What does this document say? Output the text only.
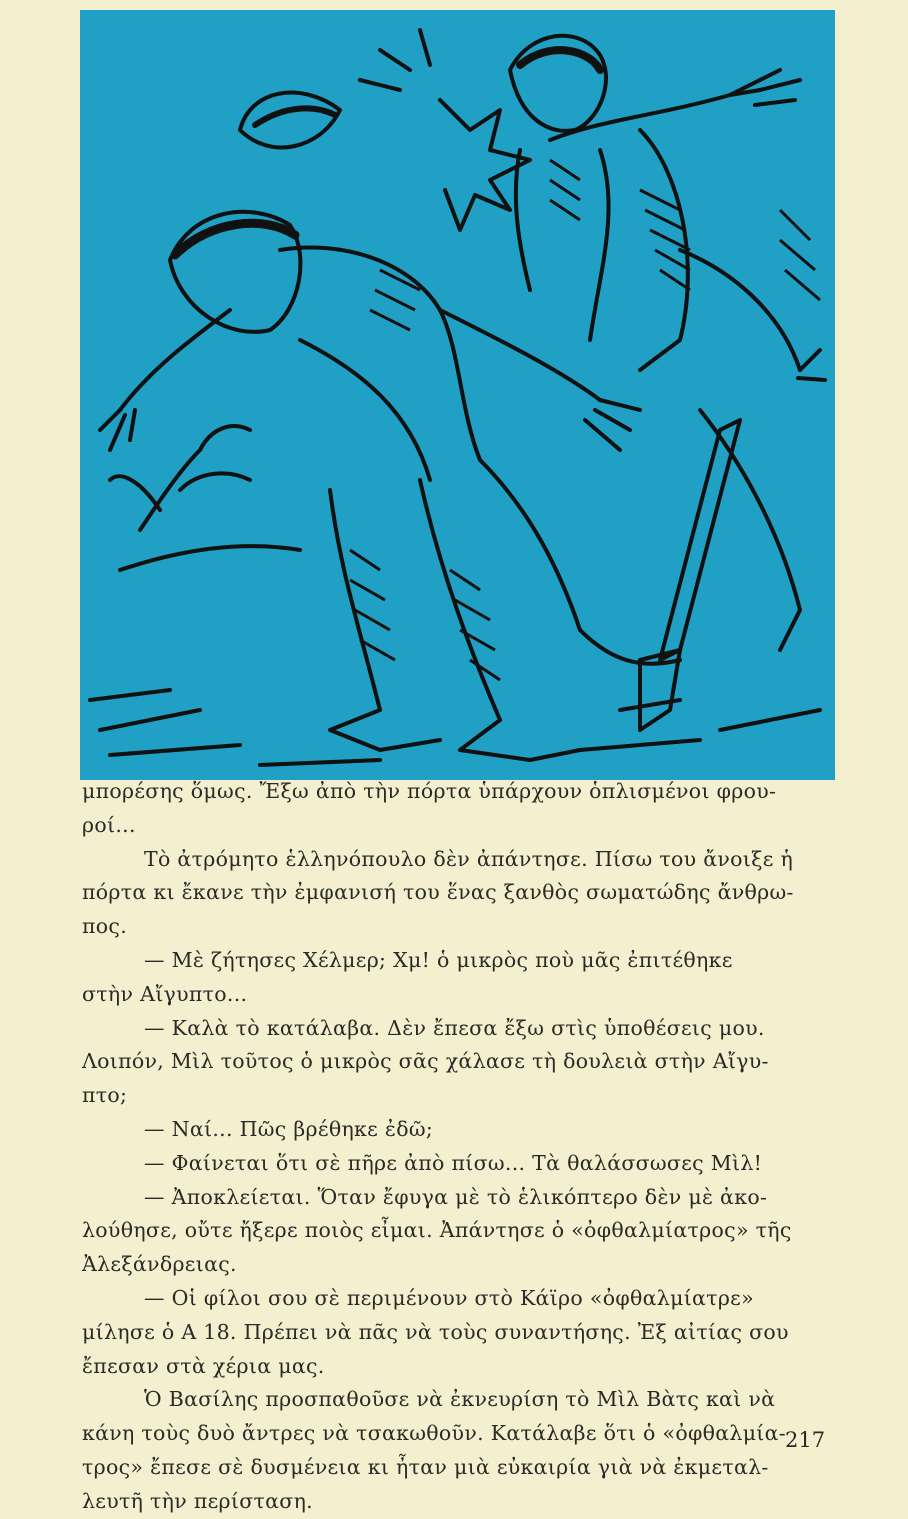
μπορέσης ὅμως. Ἔξω ἀπὸ τὴν πόρτα ὑπάρχουν ὁπλισμένοι φρου-
ροί...
Τὸ ἀτρόμητο ἑλληνόπουλο δὲν ἀπάντησε. Πίσω του ἄνοιξε ἡ
πόρτα κι ἔκανε τὴν ἐμφανισή του ἕνας ξανθὸς σωματώδης ἄνθρω-
πος.
— Μὲ ζήτησες Χέλμερ; Χμ! ὁ μικρὸς ποὺ μᾶς ἐπιτέθηκε
στὴν Αἴγυπτο...
— Καλὰ τὸ κατάλαβα. Δὲν ἔπεσα ἔξω στὶς ὑποθέσεις μου.
Λοιπόν, Μὶλ τοῦτος ὁ μικρὸς σᾶς χάλασε τὴ δουλειὰ στὴν Αἴγυ-
πτο;
— Ναί... Πῶς βρέθηκε ἐδῶ;
— Φαίνεται ὅτι σὲ πῆρε ἀπὸ πίσω... Τὰ θαλάσσωσες Μὶλ!
— Ἀποκλείεται. Ὅταν ἔφυγα μὲ τὸ ἑλικόπτερο δὲν μὲ ἀκο-
λούθησε, οὔτε ἤξερε ποιὸς εἶμαι. Ἀπάντησε ὁ «ὀφθαλμίατρος» τῆς
Ἀλεξάνδρειας.
— Οἱ φίλοι σου σὲ περιμένουν στὸ Κάϊρο «ὀφθαλμίατρε»
μίλησε ὁ Α 18. Πρέπει νὰ πᾶς νὰ τοὺς συναντήσης. Ἐξ αἰτίας σου
ἔπεσαν στὰ χέρια μας.
Ὁ Βασίλης προσπαθοῦσε νὰ ἐκνευρίση τὸ Μὶλ Βὰτς καὶ νὰ
κάνη τοὺς δυὸ ἄντρες νὰ τσακωθοῦν. Κατάλαβε ὅτι ὁ «ὀφθαλμία-
τρος» ἔπεσε σὲ δυσμένεια κι ἦταν μιὰ εὐκαιρία γιὰ νὰ ἐκμεταλ-
λευτῆ τὴν περίσταση.
217
